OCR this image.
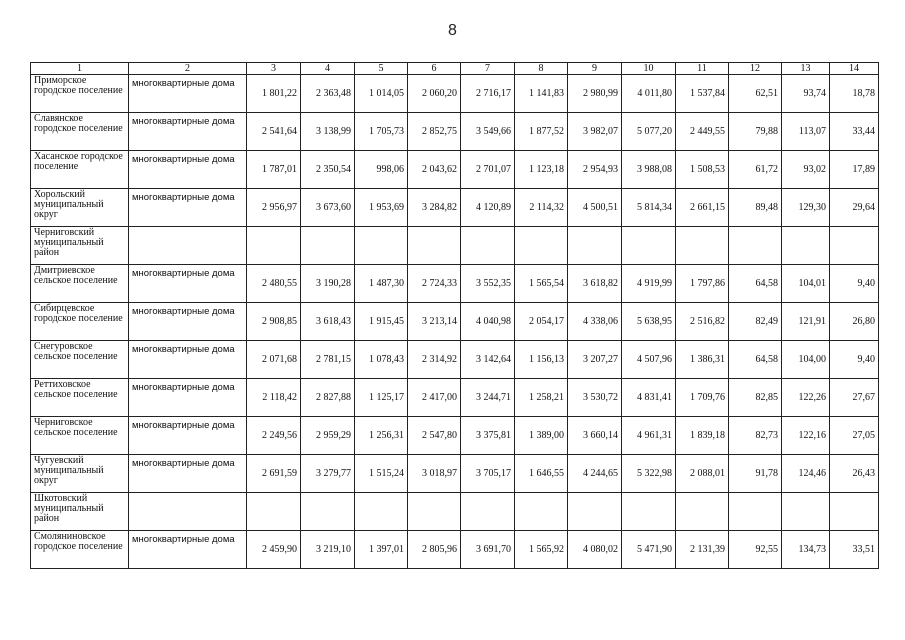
8
1	2	3	4	5	6	7	8	9	10	11	12	13	14
Приморское городское поселение	многоквартирные дома	1 801,22	2 363,48	1 014,05	2 060,20	2 716,17	1 141,83	2 980,99	4 011,80	1 537,84	62,51	93,74	18,78
Славянское городское поселение	многоквартирные дома	2 541,64	3 138,99	1 705,73	2 852,75	3 549,66	1 877,52	3 982,07	5 077,20	2 449,55	79,88	113,07	33,44
Хасанское городское поселение	многоквартирные дома	1 787,01	2 350,54	998,06	2 043,62	2 701,07	1 123,18	2 954,93	3 988,08	1 508,53	61,72	93,02	17,89
Хорольский муниципальный округ	многоквартирные дома	2 956,97	3 673,60	1 953,69	3 284,82	4 120,89	2 114,32	4 500,51	5 814,34	2 661,15	89,48	129,30	29,64
Черниговский муниципальный район													
Дмитриевское сельское поселение	многоквартирные дома	2 480,55	3 190,28	1 487,30	2 724,33	3 552,35	1 565,54	3 618,82	4 919,99	1 797,86	64,58	104,01	9,40
Сибирцевское городское поселение	многоквартирные дома	2 908,85	3 618,43	1 915,45	3 213,14	4 040,98	2 054,17	4 338,06	5 638,95	2 516,82	82,49	121,91	26,80
Снегуровское сельское поселение	многоквартирные дома	2 071,68	2 781,15	1 078,43	2 314,92	3 142,64	1 156,13	3 207,27	4 507,96	1 386,31	64,58	104,00	9,40
Реттиховское сельское поселение	многоквартирные дома	2 118,42	2 827,88	1 125,17	2 417,00	3 244,71	1 258,21	3 530,72	4 831,41	1 709,76	82,85	122,26	27,67
Черниговское сельское поселение	многоквартирные дома	2 249,56	2 959,29	1 256,31	2 547,80	3 375,81	1 389,00	3 660,14	4 961,31	1 839,18	82,73	122,16	27,05
Чугуевский муниципальный округ	многоквартирные дома	2 691,59	3 279,77	1 515,24	3 018,97	3 705,17	1 646,55	4 244,65	5 322,98	2 088,01	91,78	124,46	26,43
Шкотовский муниципальный район													
Смоляниновское городское поселение	многоквартирные дома	2 459,90	3 219,10	1 397,01	2 805,96	3 691,70	1 565,92	4 080,02	5 471,90	2 131,39	92,55	134,73	33,51
